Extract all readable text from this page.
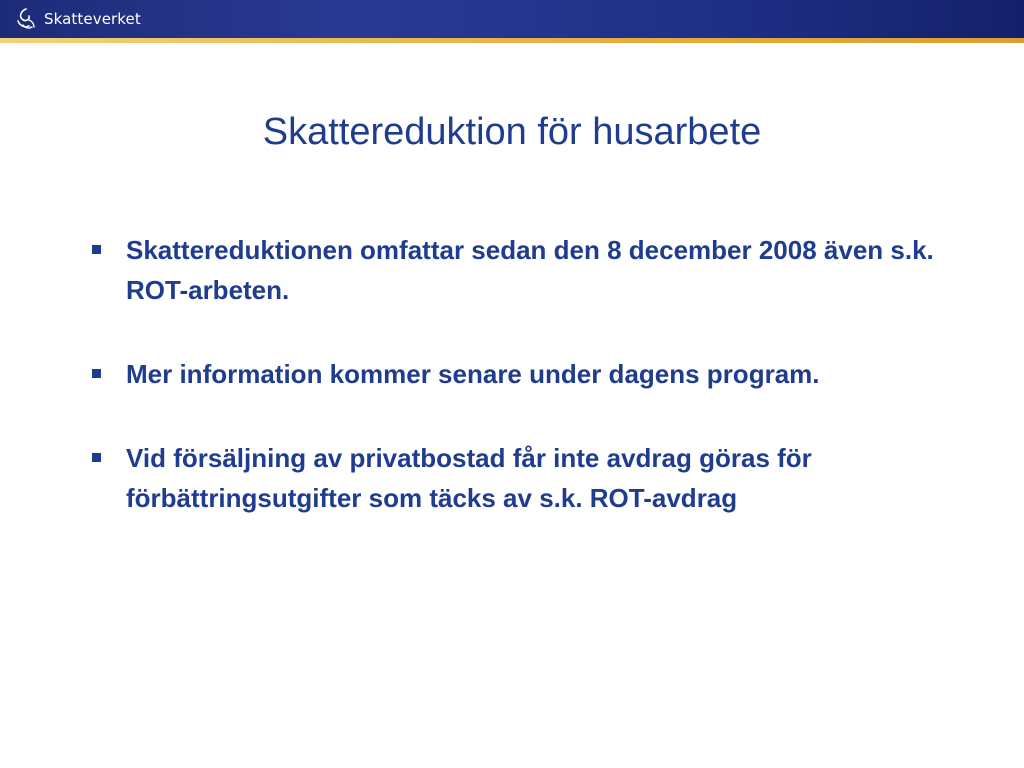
Skatteverket
Skattereduktion för husarbete
Skattereduktionen omfattar sedan den 8 december 2008 även s.k. ROT-arbeten.
Mer information kommer senare under dagens program.
Vid försäljning av privatbostad får inte avdrag göras för förbättringsutgifter som täcks av s.k. ROT-avdrag
